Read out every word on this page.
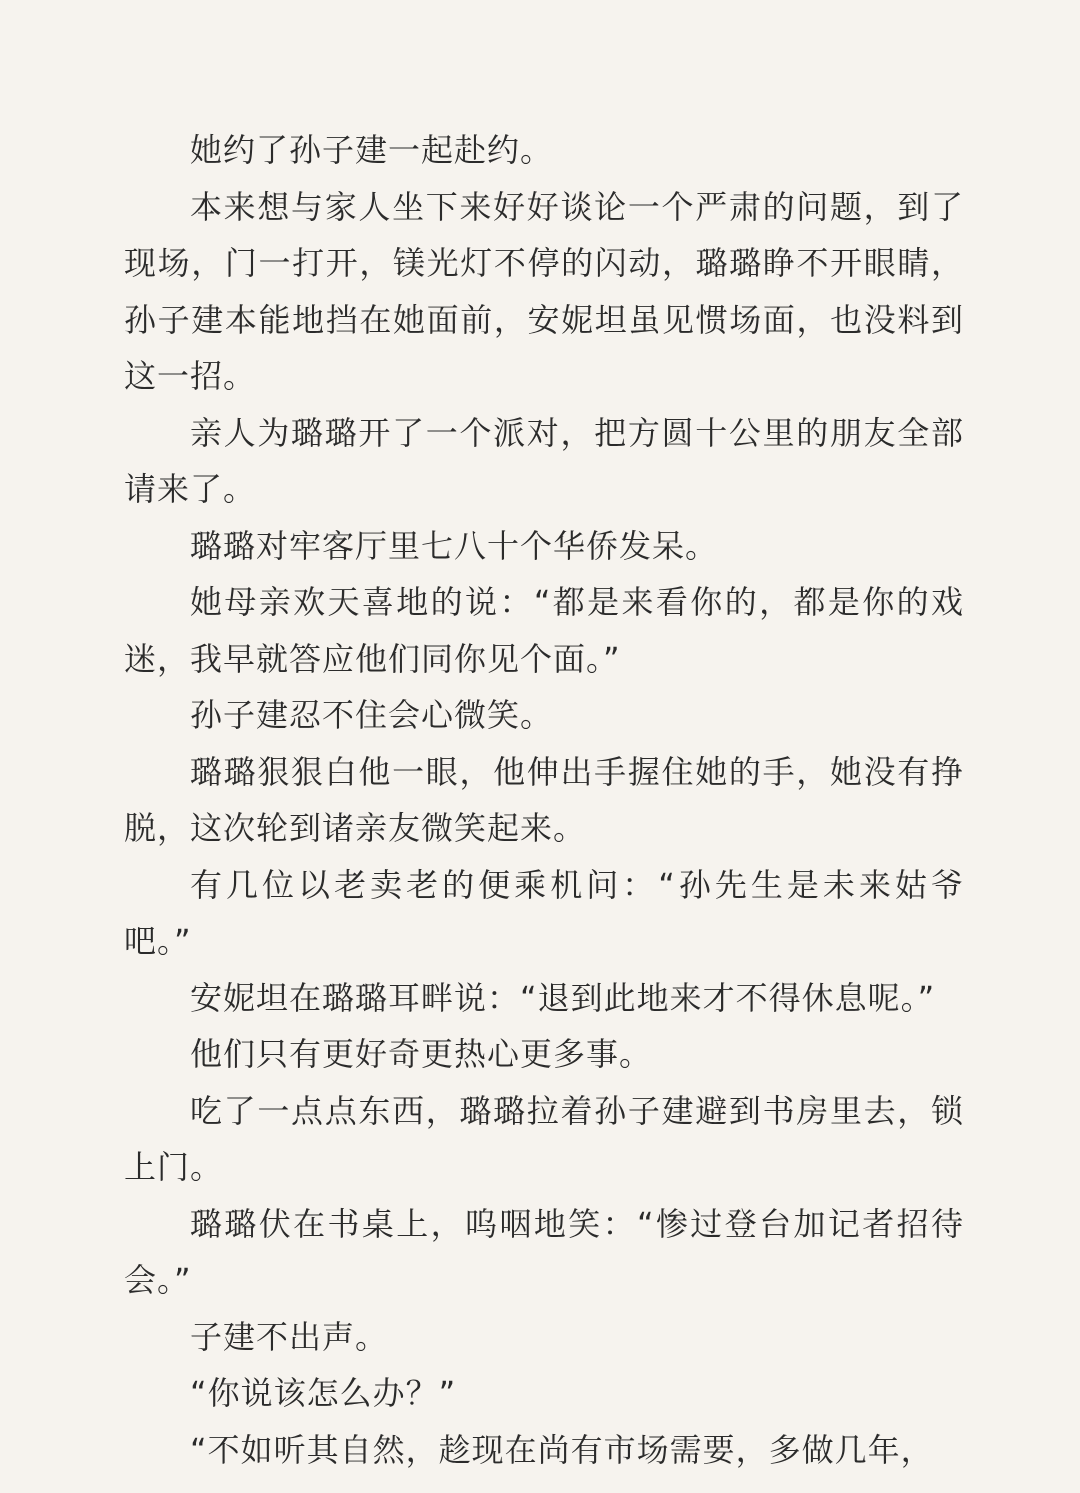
她约了孙子建一起赴约。

本来想与家人坐下来好好谈论一个严肃的问题，到了现场，门一打开，镁光灯不停的闪动，璐璐睁不开眼睛，孙子建本能地挡在她面前，安妮坦虽见惯场面，也没料到这一招。

亲人为璐璐开了一个派对，把方圆十公里的朋友全部请来了。

璐璐对牢客厅里七八十个华侨发呆。

她母亲欢天喜地的说：“都是来看你的，都是你的戏迷，我早就答应他们同你见个面。”

孙子建忍不住会心微笑。

璐璐狠狠白他一眼，他伸出手握住她的手，她没有挣脱，这次轮到诸亲友微笑起来。

有几位以老卖老的便乘机问：“孙先生是未来姑爷吧。”

安妮坦在璐璐耳畔说：“退到此地来才不得休息呢。”

他们只有更好奇更热心更多事。

吃了一点点东西，璐璐拉着孙子建避到书房里去，锁上门。

璐璐伏在书桌上，呜咽地笑：“惨过登台加记者招待会。”

子建不出声。

“你说该怎么办？”

“不如听其自然，趁现在尚有市场需要，多做几年，
